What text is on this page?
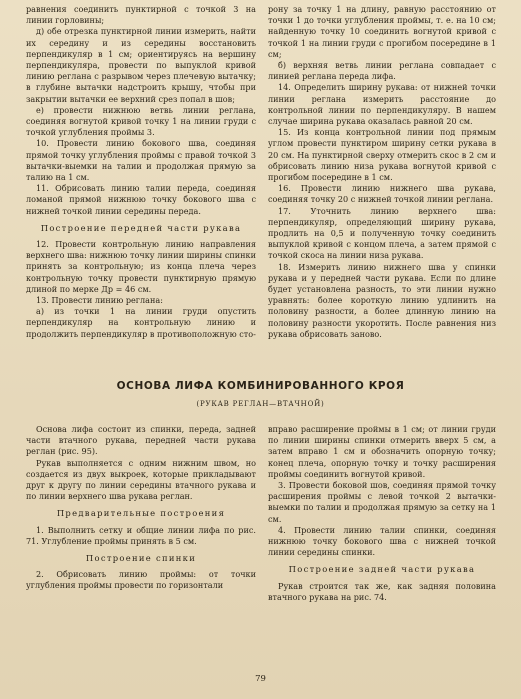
равнения соединить пунктирной с точкой 3 на линии горловины;

д) обе отрезка пунктирной линии измерить, найти их середину и из середины восстановить перпендикуляр в 1 см; ориентируясь на вершину перпендикуляра, провести по выпуклой кривой линию реглана с разрывом через плечевую вытачку; в глубине вытачки надстроить крышу, чтобы при закрытии вытачки ее верхний срез попал в шов;

е) провести нижнюю ветвь линии реглана, соединяя вогнутой кривой точку 1 на линии груди с точкой углубления проймы 3.

10. Провести линию бокового шва, соединяя прямой точку углубления проймы с правой точкой 3 вытачки-выемки на талии и продолжая прямую за талию на 1 см.

11. Обрисовать линию талии переда, соединяя ломаной прямой нижнюю точку бокового шва с нижней точкой линии середины переда.

Построение передней части рукава

12. Провести контрольную линию направления верхнего шва: нижнюю точку линии ширины спинки принять за контрольную; из конца плеча через контрольную точку провести пунктирную прямую длиной по мерке Др = 46 см.

13. Провести линию реглана:

а) из точки 1 на линии груди опустить перпендикуляр на контрольную линию и продолжить перпендикуляр в противоположную сто-

рону за точку 1 на длину, равную расстоянию от точки 1 до точки углубления проймы, т. е. на 10 см; найденную точку 10 соединить вогнутой кривой с точкой 1 на линии груди с прогибом посередине в 1 см;

б) верхняя ветвь линии реглана совпадает с линией реглана переда лифа.

14. Определить ширину рукава: от нижней точки линии реглана измерить расстояние до контрольной линии по перпендикуляру. В нашем случае ширина рукава оказалась равной 20 см.

15. Из конца контрольной линии под прямым углом провести пунктиром ширину сетки рукава в 20 см. На пунктирной сверху отмерить скос в 2 см и обрисовать линию низа рукава вогнутой кривой с прогибом посередине в 1 см.

16. Провести линию нижнего шва рукава, соединяя точку 20 с нижней точкой линии реглана.

17. Уточнить линию верхнего шва: перпендикуляр, определяющий ширину рукава, продлить на 0,5 и полученную точку соединить выпуклой кривой с концом плеча, а затем прямой с точкой скоса на линии низа рукава.

18. Измерить линию нижнего шва у спинки рукава и у передней части рукава. Если по длине будет установлена разность, то эти линии нужно уравнять: более короткую линию удлинить на половину разности, а более длинную линию на половину разности укоротить. После равнения низ рукава обрисовать заново.

ОСНОВА ЛИФА КОМБИНИРОВАННОГО КРОЯ
(РУКАВ РЕГЛАН—ВТАЧНОЙ)

Основа лифа состоит из спинки, переда, задней части втачного рукава, передней части рукава реглан (рис. 95).

Рукав выполняется с одним нижним швом, но создается из двух выкроек, которые прикладывают друг к другу по линии середины втачного рукава и по линии верхнего шва рукава реглан.

Предварительные построения

1. Выполнить сетку и общие линии лифа по рис. 71. Углубление проймы принять в 5 см.

Построение спинки

2. Обрисовать линию проймы: от точки углубления проймы провести по горизонтали

вправо расширение проймы в 1 см; от линии груди по линии ширины спинки отмерить вверх 5 см, а затем вправо 1 см и обозначить опорную точку; конец плеча, опорную точку и точку расширения проймы соединить вогнутой кривой.

3. Провести боковой шов, соединяя прямой точку расширения проймы с левой точкой 2 вытачки-выемки по талии и продолжая прямую за сетку на 1 см.

4. Провести линию талии спинки, соединяя нижнюю точку бокового шва с нижней точкой линии середины спинки.

Построение задней части рукава

Рукав строится так же, как задняя половина втачного рукава на рис. 74.

79
